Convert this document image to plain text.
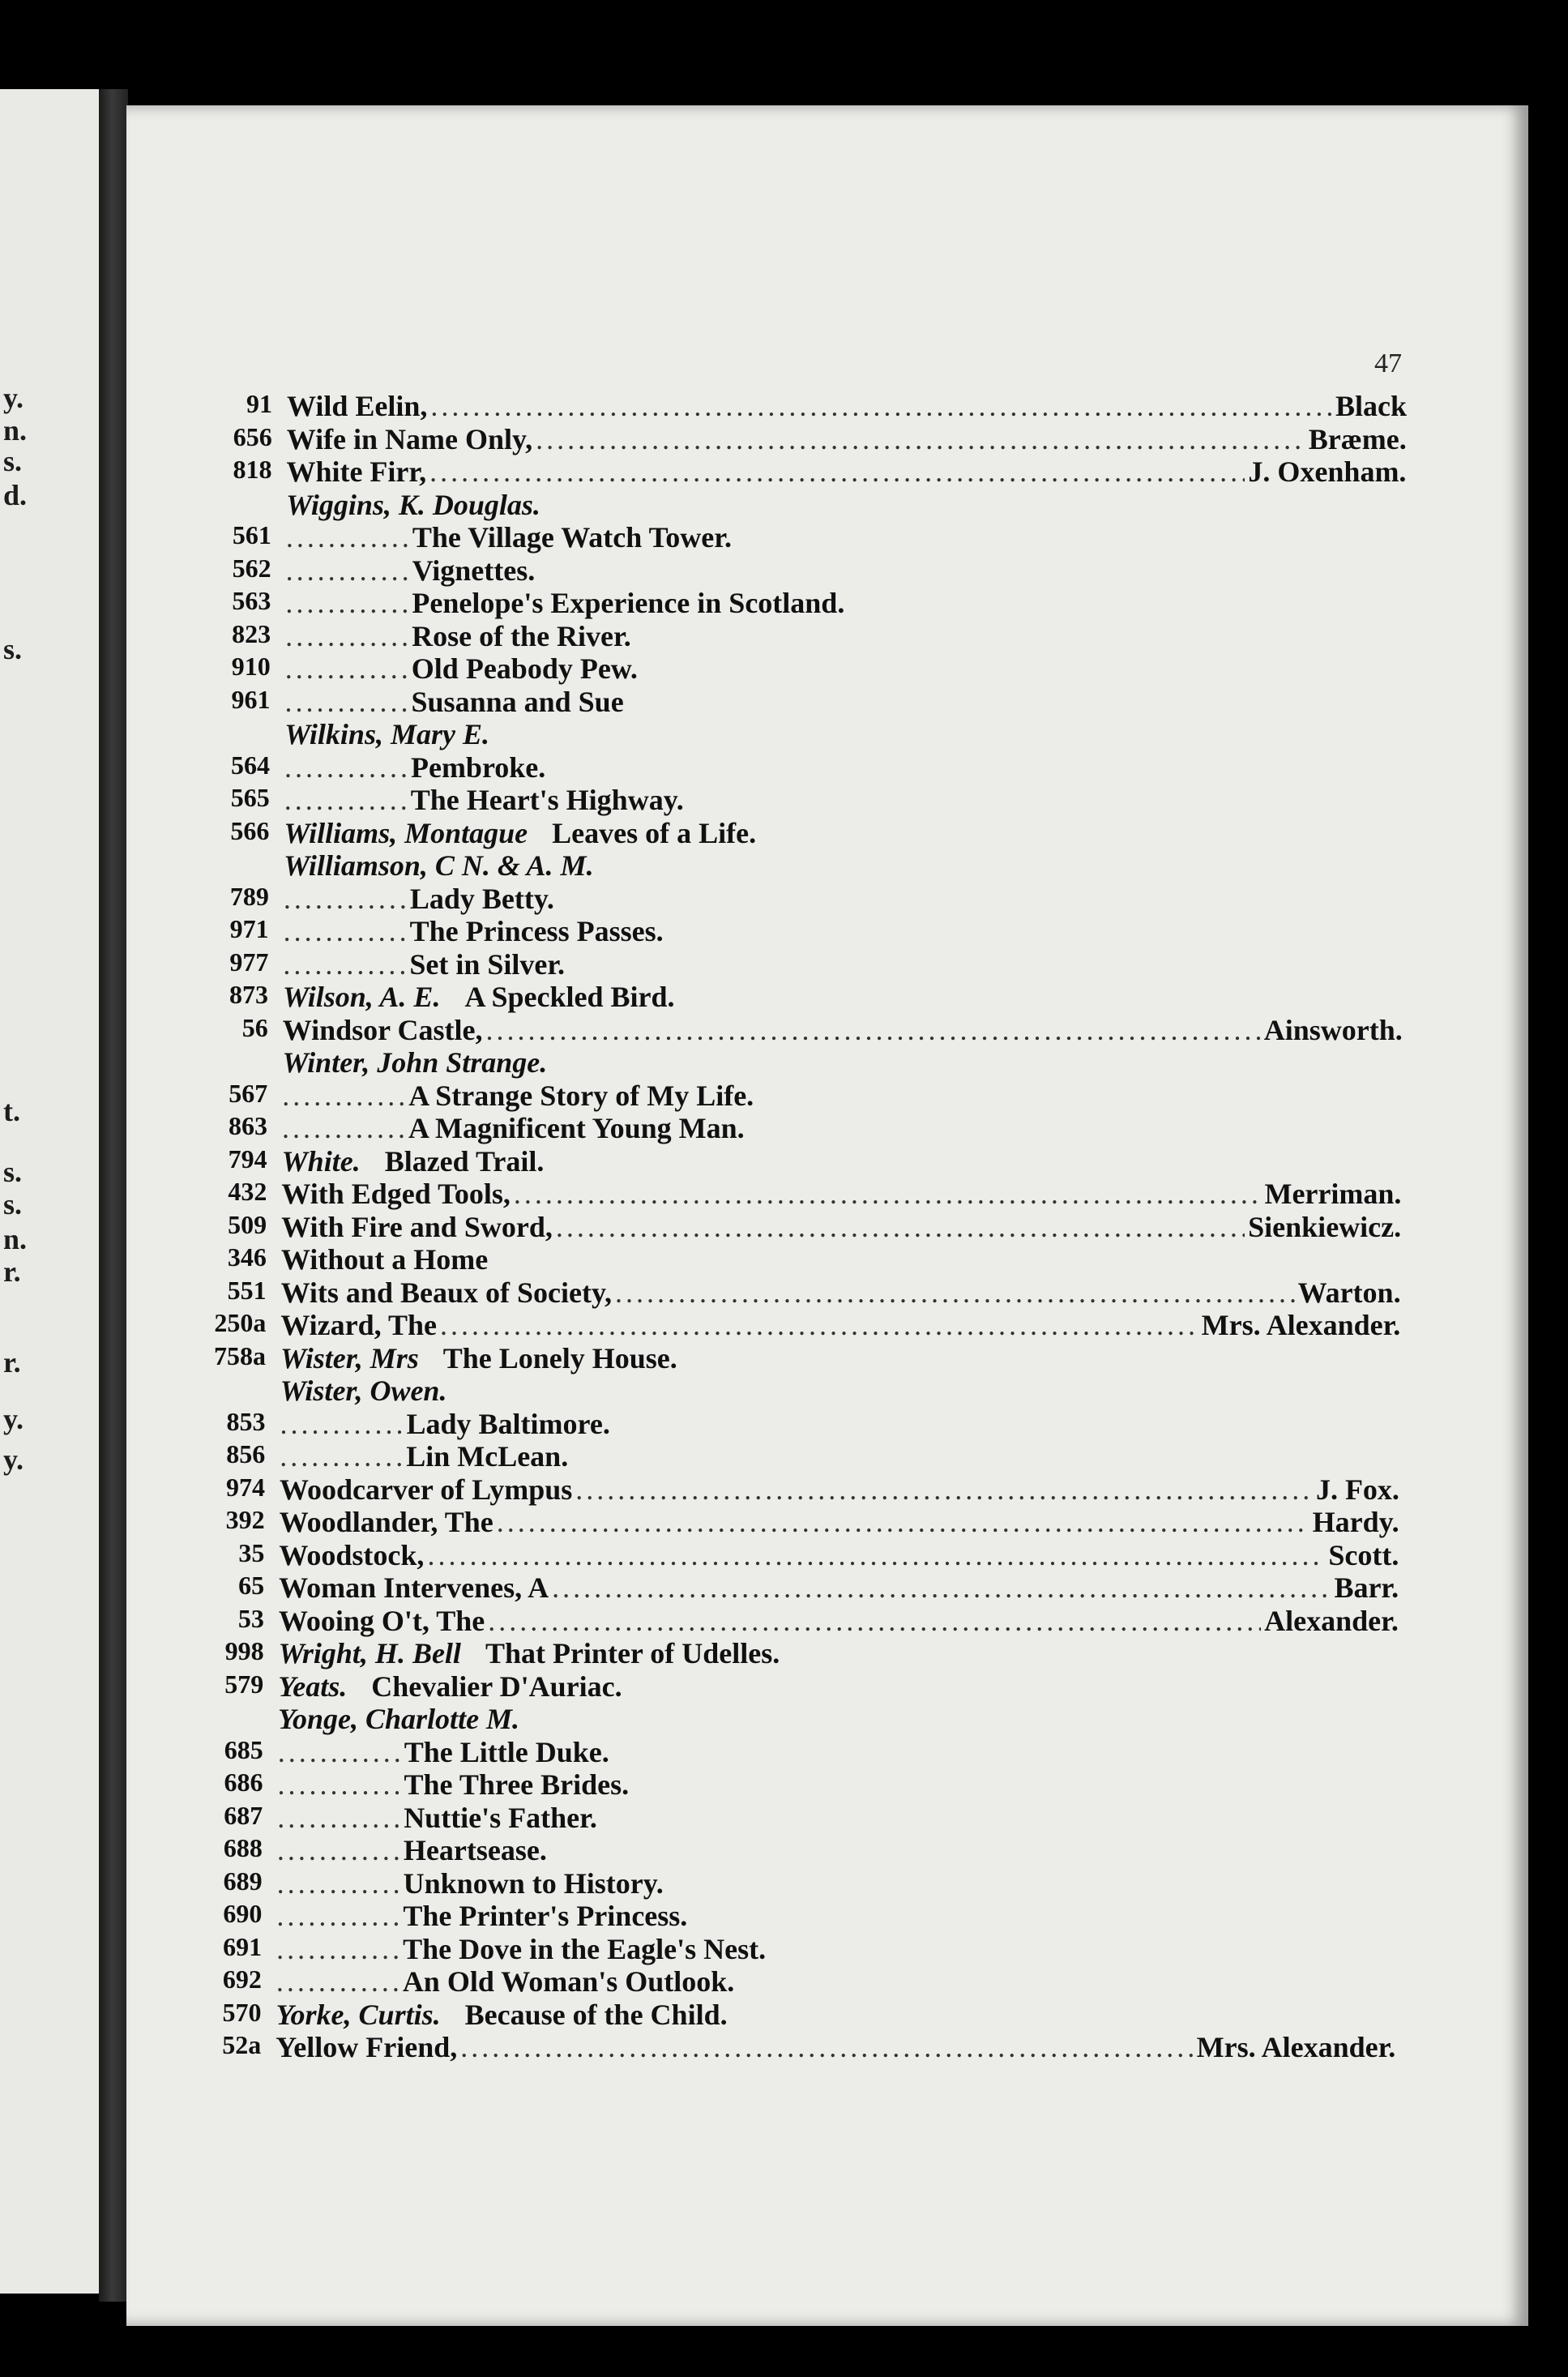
y.
n.
s.
d.
s.
t.
s.
s.
n.
r.
r.
y.
y.
47
91 Wild Eelin, .....	Black
656 Wife in Name Only, .....	Bræme.
818 White Firr, .....	J. Oxenham.
Wiggins, K. Douglas.
561 ............ The Village Watch Tower.
562 ............ Vignettes.
563 ............ Penelope's Experience in Scotland.
823 ............ Rose of the River.
910 ............ Old Peabody Pew.
961 ............ Susanna and Sue
Wilkins, Mary E.
564 ............ Pembroke.
565 ............ The Heart's Highway.
566 Williams, Montague Leaves of a Life.
Williamson, C N. & A. M.
789 ............ Lady Betty.
971 ............ The Princess Passes.
977 ............ Set in Silver.
873 Wilson, A. E. A Speckled Bird.
56 Windsor Castle, .....	Ainsworth.
Winter, John Strange.
567 ............ A Strange Story of My Life.
863 ............ A Magnificent Young Man.
794 White. Blazed Trail.
432 With Edged Tools, .....	Merriman.
509 With Fire and Sword, .....	Sienkiewicz.
346 Without a Home
551 Wits and Beaux of Society, .....	Warton.
250a Wizard, The .....	Mrs. Alexander.
758a Wister, Mrs The Lonely House.
Wister, Owen.
853 ............ Lady Baltimore.
856 ............ Lin McLean.
974 Woodcarver of Lympus .....	J. Fox.
392 Woodlander, The .....	Hardy.
35 Woodstock, .....	Scott.
65 Woman Intervenes, A .....	Barr.
53 Wooing O't, The .....	Alexander.
998 Wright, H. Bell That Printer of Udelles.
579 Yeats. Chevalier D'Auriac.
Yonge, Charlotte M.
685 ............ The Little Duke.
686 ............ The Three Brides.
687 ............ Nuttie's Father.
688 ............ Heartsease.
689 ............ Unknown to History.
690 ............ The Printer's Princess.
691 ............ The Dove in the Eagle's Nest.
692 ............ An Old Woman's Outlook.
570 Yorke, Curtis. Because of the Child.
52a Yellow Friend, .....	Mrs. Alexander.
